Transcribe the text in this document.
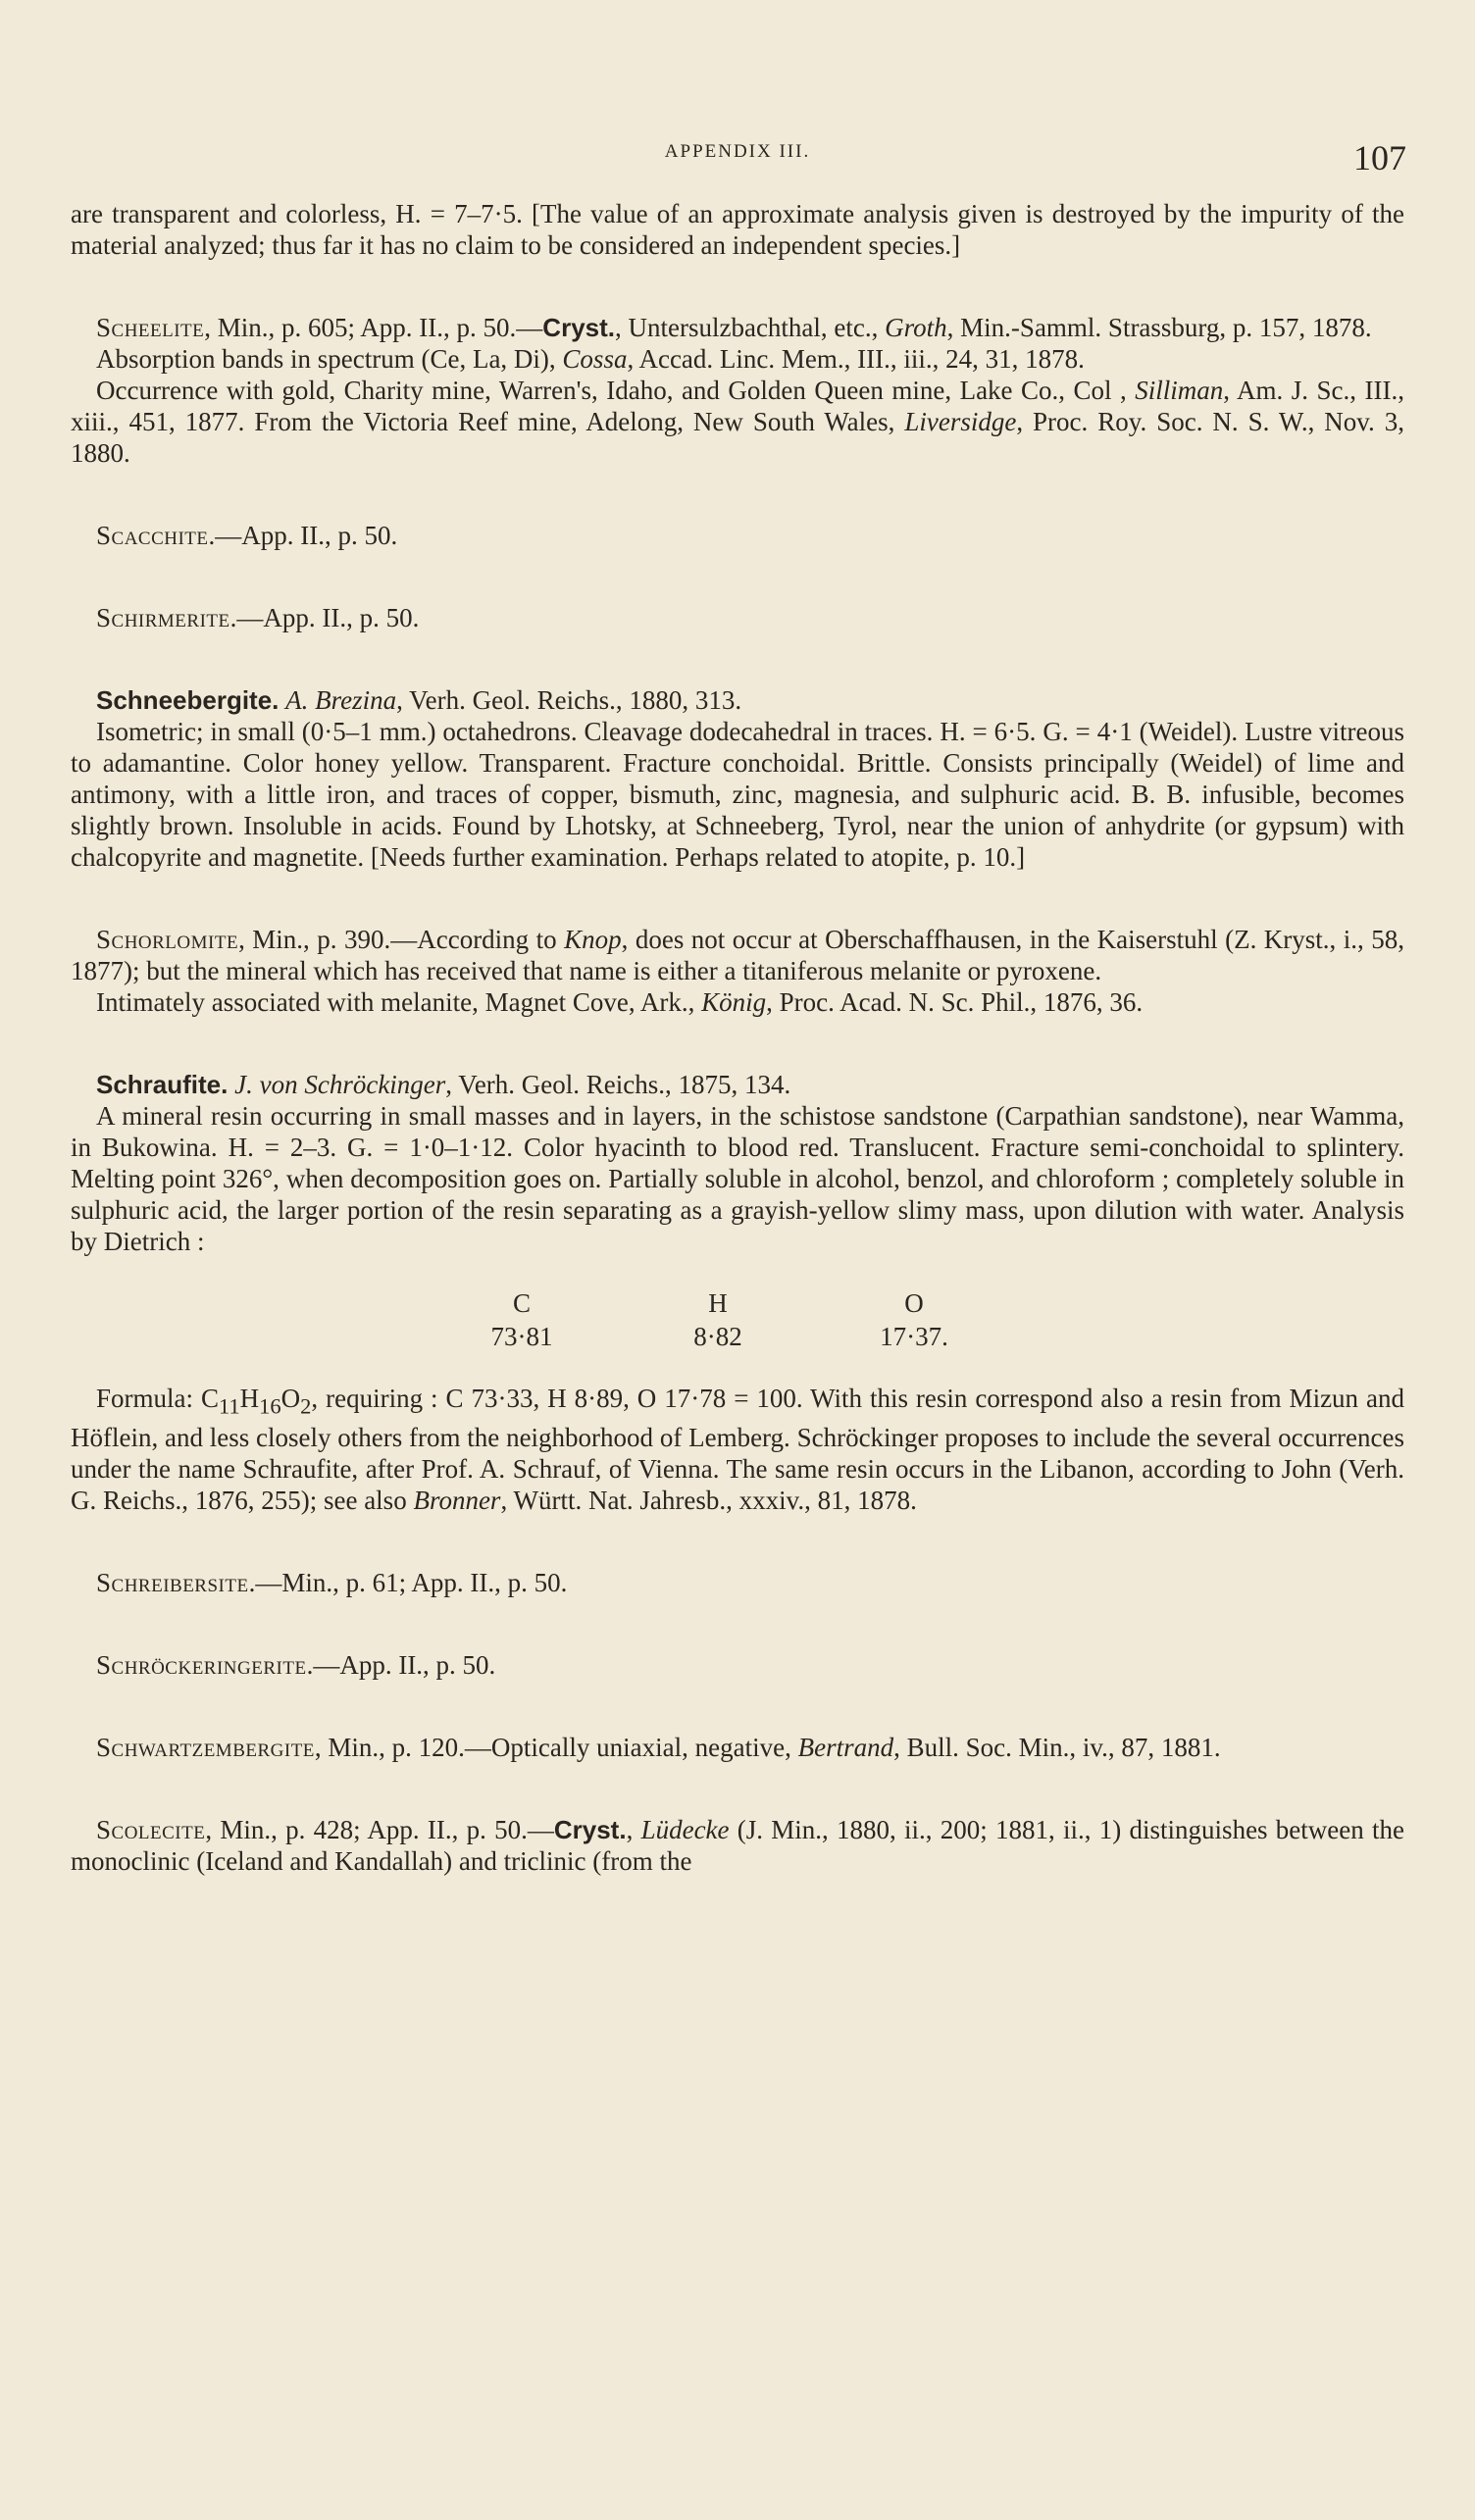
APPENDIX III.	107

are transparent and colorless, H. = 7–7·5. [The value of an approximate analysis given is destroyed by the impurity of the material analyzed; thus far it has no claim to be considered an independent species.]

Scheelite, Min., p. 605; App. II., p. 50.—Cryst., Untersulzbachthal, etc., Groth, Min.-Samml. Strassburg, p. 157, 1878.

Absorption bands in spectrum (Ce, La, Di), Cossa, Accad. Linc. Mem., III., iii., 24, 31, 1878.

Occurrence with gold, Charity mine, Warren's, Idaho, and Golden Queen mine, Lake Co., Col , Silliman, Am. J. Sc., III., xiii., 451, 1877. From the Victoria Reef mine, Adelong, New South Wales, Liversidge, Proc. Roy. Soc. N. S. W., Nov. 3, 1880.

Scacchite.—App. II., p. 50.

Schirmerite.—App. II., p. 50.

Schneebergite. A. Brezina, Verh. Geol. Reichs., 1880, 313.

Isometric; in small (0·5–1 mm.) octahedrons. Cleavage dodecahedral in traces. H. = 6·5. G. = 4·1 (Weidel). Lustre vitreous to adamantine. Color honey yellow. Transparent. Fracture conchoidal. Brittle. Consists principally (Weidel) of lime and antimony, with a little iron, and traces of copper, bismuth, zinc, magnesia, and sulphuric acid. B. B. infusible, becomes slightly brown. Insoluble in acids. Found by Lhotsky, at Schneeberg, Tyrol, near the union of anhydrite (or gypsum) with chalcopyrite and magnetite. [Needs further examination. Perhaps related to atopite, p. 10.]

Schorlomite, Min., p. 390.—According to Knop, does not occur at Oberschaffhausen, in the Kaiserstuhl (Z. Kryst., i., 58, 1877); but the mineral which has received that name is either a titaniferous melanite or pyroxene.

Intimately associated with melanite, Magnet Cove, Ark., König, Proc. Acad. N. Sc. Phil., 1876, 36.

Schraufite. J. von Schröckinger, Verh. Geol. Reichs., 1875, 134.

A mineral resin occurring in small masses and in layers, in the schistose sandstone (Carpathian sandstone), near Wamma, in Bukowina. H. = 2–3. G. = 1·0–1·12. Color hyacinth to blood red. Translucent. Fracture semi-conchoidal to splintery. Melting point 326°, when decomposition goes on. Partially soluble in alcohol, benzol, and chloroform ; completely soluble in sulphuric acid, the larger portion of the resin separating as a grayish-yellow slimy mass, upon dilution with water. Analysis by Dietrich :

C	H	O
73·81	8·82	17·37.

Formula: $C_{11}H_{16}O_2$, requiring : C 73·33, H 8·89, O 17·78 = 100. With this resin correspond also a resin from Mizun and Höflein, and less closely others from the neighborhood of Lemberg. Schröckinger proposes to include the several occurrences under the name Schraufite, after Prof. A. Schrauf, of Vienna. The same resin occurs in the Libanon, according to John (Verh. G. Reichs., 1876, 255); see also Bronner, Württ. Nat. Jahresb., xxxiv., 81, 1878.

Schreibersite.—Min., p. 61; App. II., p. 50.

Schröckeringerite.—App. II., p. 50.

Schwartzembergite, Min., p. 120.—Optically uniaxial, negative, Bertrand, Bull. Soc. Min., iv., 87, 1881.

Scolecite, Min., p. 428; App. II., p. 50.—Cryst., Lüdecke (J. Min., 1880, ii., 200; 1881, ii., 1) distinguishes between the monoclinic (Iceland and Kandallah) and triclinic (from the
